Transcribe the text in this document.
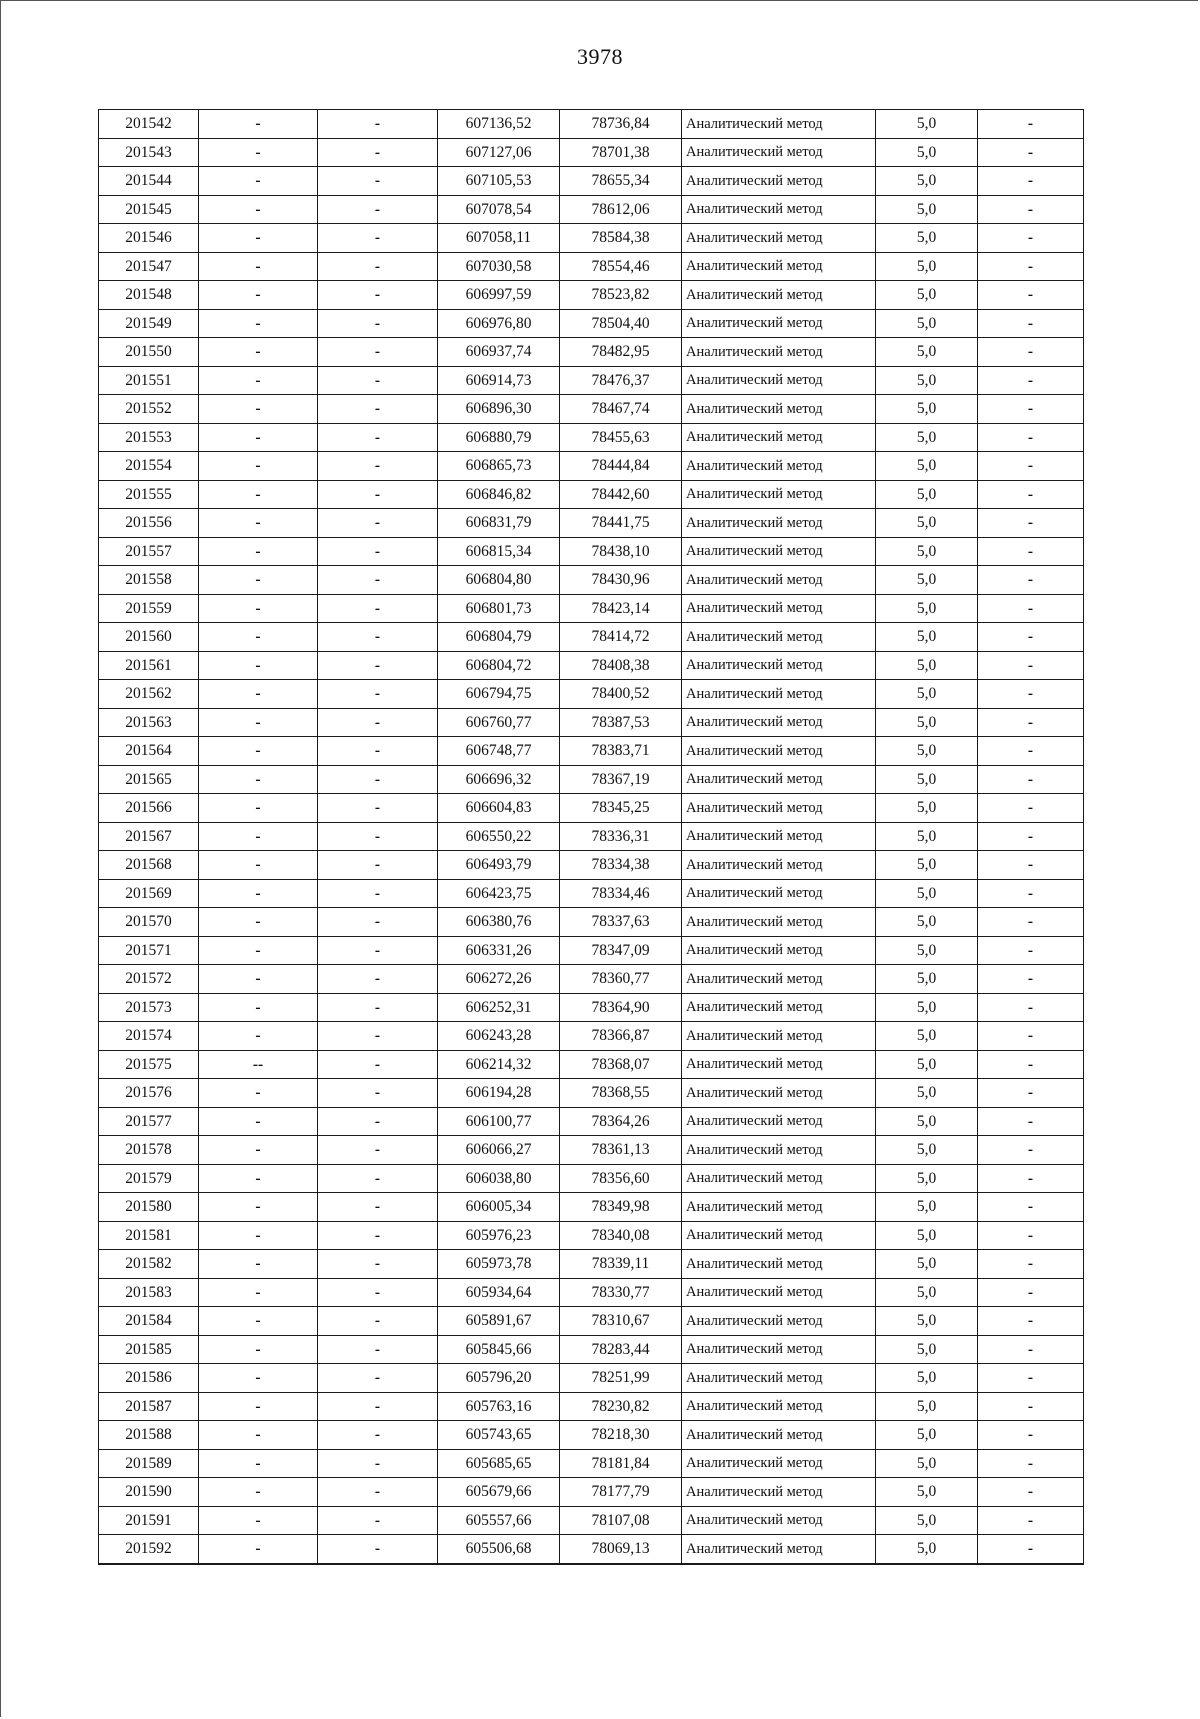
3978
201542	-	-	607136,52	78736,84	Аналитический метод	5,0	-
201543	-	-	607127,06	78701,38	Аналитический метод	5,0	-
201544	-	-	607105,53	78655,34	Аналитический метод	5,0	-
201545	-	-	607078,54	78612,06	Аналитический метод	5,0	-
201546	-	-	607058,11	78584,38	Аналитический метод	5,0	-
201547	-	-	607030,58	78554,46	Аналитический метод	5,0	-
201548	-	-	606997,59	78523,82	Аналитический метод	5,0	-
201549	-	-	606976,80	78504,40	Аналитический метод	5,0	-
201550	-	-	606937,74	78482,95	Аналитический метод	5,0	-
201551	-	-	606914,73	78476,37	Аналитический метод	5,0	-
201552	-	-	606896,30	78467,74	Аналитический метод	5,0	-
201553	-	-	606880,79	78455,63	Аналитический метод	5,0	-
201554	-	-	606865,73	78444,84	Аналитический метод	5,0	-
201555	-	-	606846,82	78442,60	Аналитический метод	5,0	-
201556	-	-	606831,79	78441,75	Аналитический метод	5,0	-
201557	-	-	606815,34	78438,10	Аналитический метод	5,0	-
201558	-	-	606804,80	78430,96	Аналитический метод	5,0	-
201559	-	-	606801,73	78423,14	Аналитический метод	5,0	-
201560	-	-	606804,79	78414,72	Аналитический метод	5,0	-
201561	-	-	606804,72	78408,38	Аналитический метод	5,0	-
201562	-	-	606794,75	78400,52	Аналитический метод	5,0	-
201563	-	-	606760,77	78387,53	Аналитический метод	5,0	-
201564	-	-	606748,77	78383,71	Аналитический метод	5,0	-
201565	-	-	606696,32	78367,19	Аналитический метод	5,0	-
201566	-	-	606604,83	78345,25	Аналитический метод	5,0	-
201567	-	-	606550,22	78336,31	Аналитический метод	5,0	-
201568	-	-	606493,79	78334,38	Аналитический метод	5,0	-
201569	-	-	606423,75	78334,46	Аналитический метод	5,0	-
201570	-	-	606380,76	78337,63	Аналитический метод	5,0	-
201571	-	-	606331,26	78347,09	Аналитический метод	5,0	-
201572	-	-	606272,26	78360,77	Аналитический метод	5,0	-
201573	-	-	606252,31	78364,90	Аналитический метод	5,0	-
201574	-	-	606243,28	78366,87	Аналитический метод	5,0	-
201575	--	-	606214,32	78368,07	Аналитический метод	5,0	-
201576	-	-	606194,28	78368,55	Аналитический метод	5,0	-
201577	-	-	606100,77	78364,26	Аналитический метод	5,0	-
201578	-	-	606066,27	78361,13	Аналитический метод	5,0	-
201579	-	-	606038,80	78356,60	Аналитический метод	5,0	-
201580	-	-	606005,34	78349,98	Аналитический метод	5,0	-
201581	-	-	605976,23	78340,08	Аналитический метод	5,0	-
201582	-	-	605973,78	78339,11	Аналитический метод	5,0	-
201583	-	-	605934,64	78330,77	Аналитический метод	5,0	-
201584	-	-	605891,67	78310,67	Аналитический метод	5,0	-
201585	-	-	605845,66	78283,44	Аналитический метод	5,0	-
201586	-	-	605796,20	78251,99	Аналитический метод	5,0	-
201587	-	-	605763,16	78230,82	Аналитический метод	5,0	-
201588	-	-	605743,65	78218,30	Аналитический метод	5,0	-
201589	-	-	605685,65	78181,84	Аналитический метод	5,0	-
201590	-	-	605679,66	78177,79	Аналитический метод	5,0	-
201591	-	-	605557,66	78107,08	Аналитический метод	5,0	-
201592	-	-	605506,68	78069,13	Аналитический метод	5,0	-
